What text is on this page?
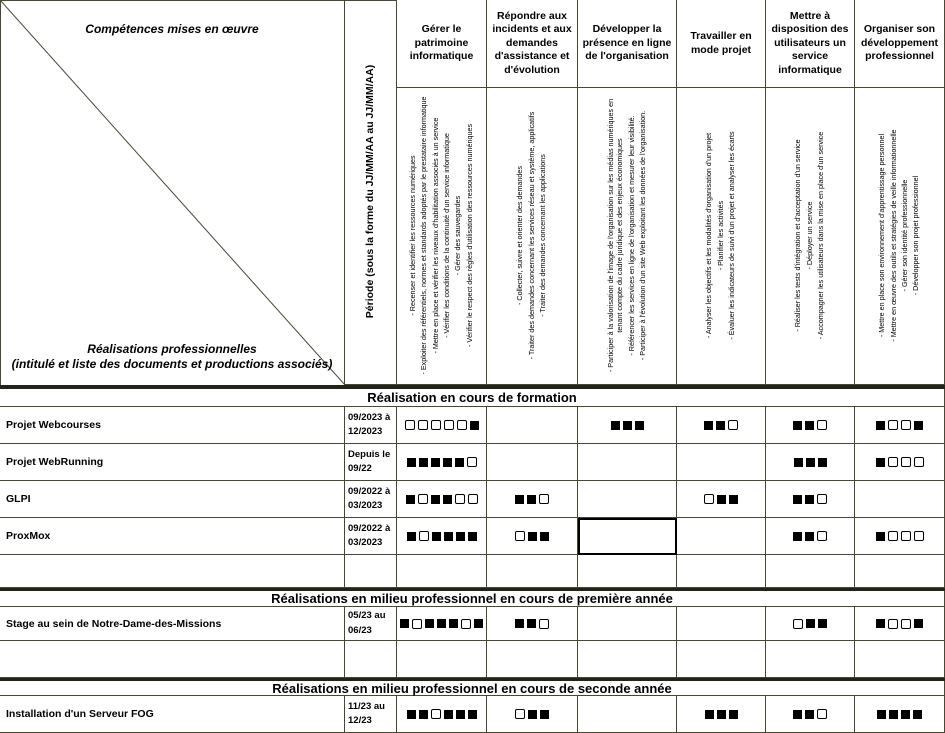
Compétences mises en œuvre
Réalisations professionnelles
(intitulé et liste des documents et productions associés)
Période (sous la forme du JJ/MM/AA au JJ/MM/AA)
Gérer le patrimoine informatique
- Recenser et identifier les ressources numériques - Exploiter des référentiels, normes et standards adoptés par le prestataire informatique - Mettre en place et vérifier les niveaux d'habilitation associés à un service - Vérifier les conditions de la continuité d'un service informatique - Gérer des sauvegardes - Vérifier le respect des règles d'utilisation des ressources numériques
Répondre aux incidents et aux demandes d'assistance et d'évolution
- Collecter, suivre et orienter des demandes - Traiter des demandes concernant les services réseau et système, applicatifs - Traiter des demandes concernant les applications
Développer la présence en ligne de l'organisation
- Participer à la valorisation de l'image de l'organisation sur les médias numériques en tenant compte du cadre juridique et des enjeux économiques - Référencer les services en ligne de l'organisation et mesurer leur visibilité. - Participer à l'évolution d'un site Web exploitant les données de l'organisation.
Travailler en mode projet
- Analyser les objectifs et les modalités d'organisation d'un projet - Planifier les activités - Évaluer les indicateurs de suivi d'un projet et analyser les écarts
Mettre à disposition des utilisateurs un service informatique
- Réaliser les tests d'intégration et d'acceptation d'un service - Déployer un service - Accompagner les utilisateurs dans la mise en place d'un service
Organiser son développement professionnel
- Mettre en place son environnement d'apprentissage personnel - Mettre en œuvre des outils et stratégies de veille informationnelle - Gérer son identité professionnelle - Développer son projet professionnel
Réalisation en cours de formation
Projet Webcourses
09/2023 à 12/2023
Projet WebRunning
Depuis le 09/22
GLPI
09/2022 à 03/2023
ProxMox
09/2022 à 03/2023
Réalisations en milieu professionnel en cours de première année
Stage au sein de Notre-Dame-des-Missions
05/23 au 06/23
Réalisations en milieu professionnel en cours de seconde année
Installation d'un Serveur FOG
11/23 au 12/23
